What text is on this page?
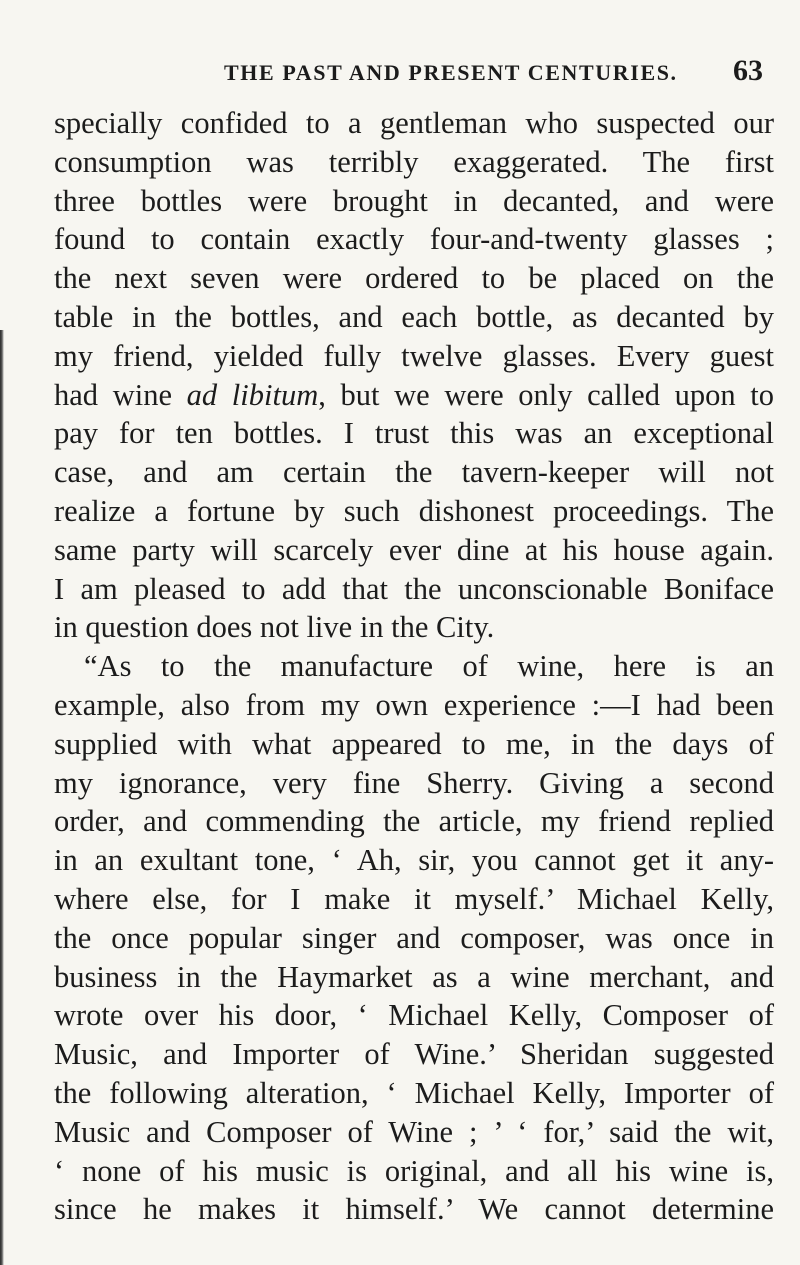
THE PAST AND PRESENT CENTURIES. 63
specially confided to a gentleman who suspected our
consumption was terribly exaggerated. The first
three bottles were brought in decanted, and were
found to contain exactly four-and-twenty glasses ;
the next seven were ordered to be placed on the
table in the bottles, and each bottle, as decanted by
my friend, yielded fully twelve glasses. Every guest
had wine ad libitum, but we were only called upon to
pay for ten bottles. I trust this was an exceptional
case, and am certain the tavern-keeper will not
realize a fortune by such dishonest proceedings. The
same party will scarcely ever dine at his house again.
I am pleased to add that the unconscionable Boniface
in question does not live in the City.
“As to the manufacture of wine, here is an
example, also from my own experience :—I had been
supplied with what appeared to me, in the days of
my ignorance, very fine Sherry. Giving a second
order, and commending the article, my friend replied
in an exultant tone, ‘ Ah, sir, you cannot get it any-
where else, for I make it myself.’ Michael Kelly,
the once popular singer and composer, was once in
business in the Haymarket as a wine merchant, and
wrote over his door, ‘ Michael Kelly, Composer of
Music, and Importer of Wine.’ Sheridan suggested
the following alteration, ‘ Michael Kelly, Importer of
Music and Composer of Wine ; ’ ‘ for,’ said the wit,
‘ none of his music is original, and all his wine is,
since he makes it himself.’ We cannot determine
